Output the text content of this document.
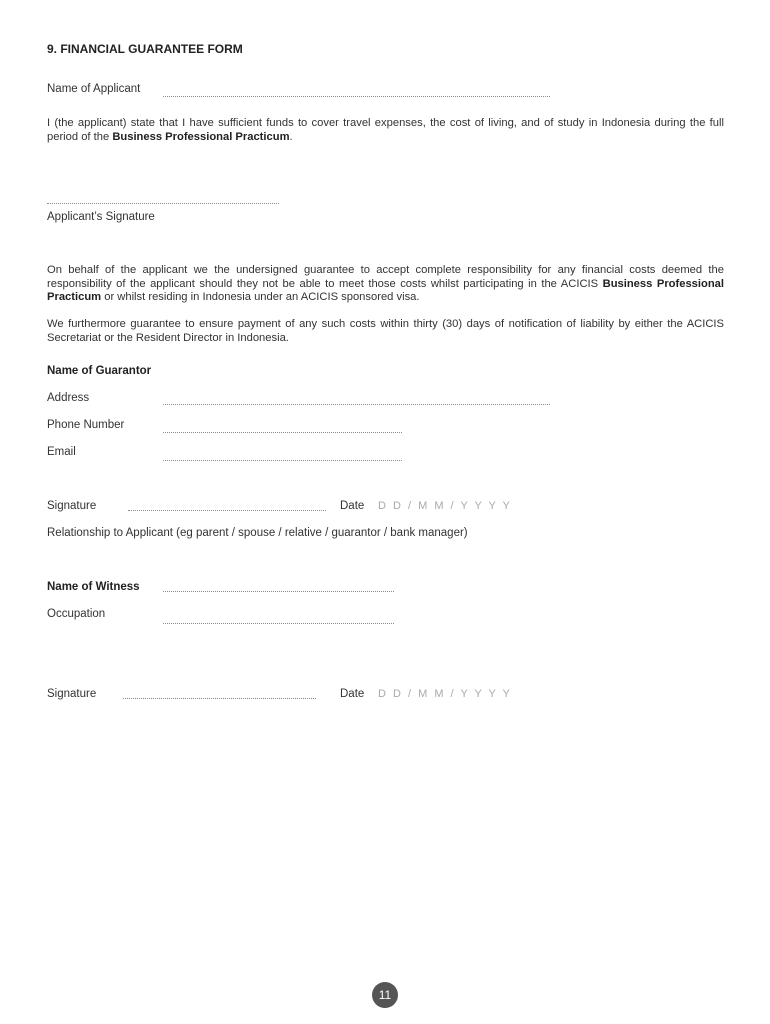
9. FINANCIAL GUARANTEE FORM
Name of Applicant
I (the applicant) state that I have sufficient funds to cover travel expenses, the cost of living, and of study in Indonesia during the full period of the Business Professional Practicum.
Applicant’s Signature
On behalf of the applicant we the undersigned guarantee to accept complete responsibility for any financial costs deemed the responsibility of the applicant should they not be able to meet those costs whilst participating in the ACICIS Business Professional Practicum or whilst residing in Indonesia under an ACICIS sponsored visa.
We furthermore guarantee to ensure payment of any such costs within thirty (30) days of notification of liability by either the ACICIS Secretariat or the Resident Director in Indonesia.
Name of Guarantor
Address
Phone Number
Email
Signature	Date D D / M M / Y Y Y Y
Relationship to Applicant (eg parent / spouse / relative / guarantor / bank manager)
Name of Witness
Occupation
Signature	Date D D / M M / Y Y Y Y
11
